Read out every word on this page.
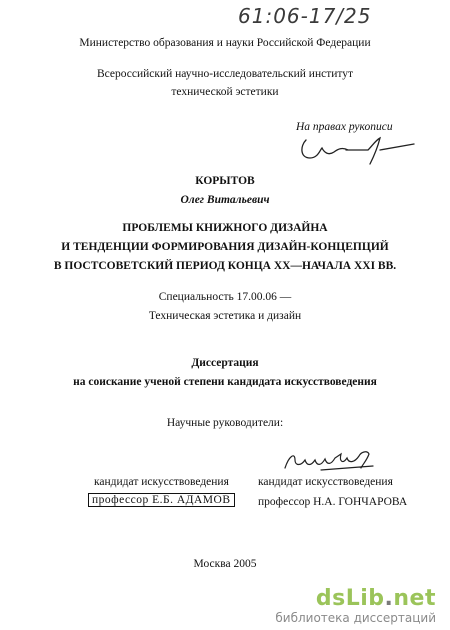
61:06-17/25
Министерство образования и науки Российской Федерации
Всероссийский научно-исследовательский институт
технической эстетики
На правах рукописи
КОРЫТОВ
Олег Витальевич
ПРОБЛЕМЫ КНИЖНОГО ДИЗАЙНА
И ТЕНДЕНЦИИ ФОРМИРОВАНИЯ ДИЗАЙН-КОНЦЕПЦИЙ
В ПОСТСОВЕТСКИЙ ПЕРИОД КОНЦА XX—НАЧАЛА XXI ВВ.
Специальность 17.00.06 —
Техническая эстетика и дизайн
Диссертация
на соискание ученой степени кандидата искусствоведения
Научные руководители:
кандидат искусствоведения	кандидат искусствоведения
профессор Е.Б. АДАМОВ	профессор Н.А. ГОНЧАРОВА
Москва 2005
dsLib.net
библиотека диссертаций
